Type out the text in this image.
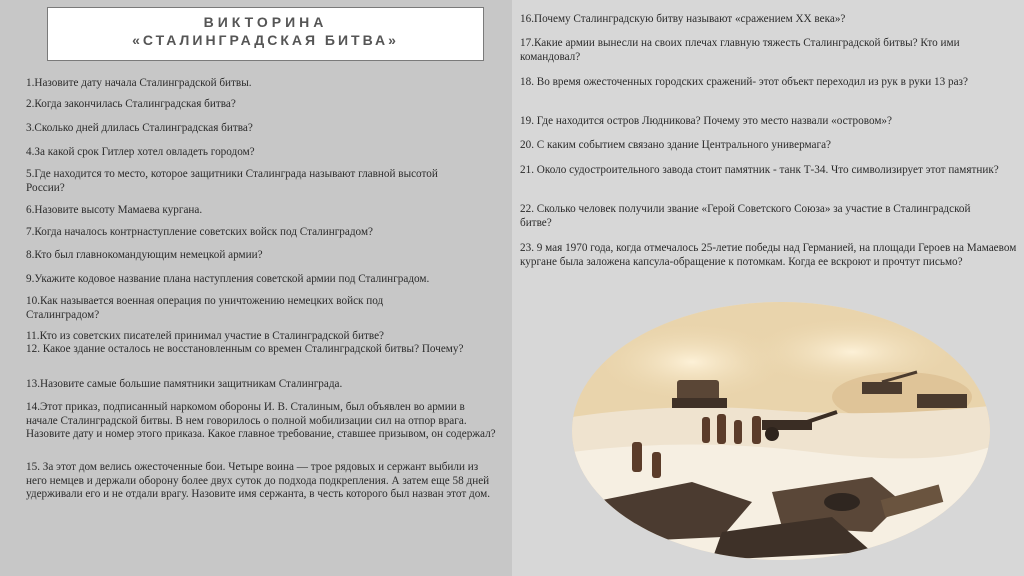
ВИКТОРИНА
«СТАЛИНГРАДСКАЯ БИТВА»

1.Назовите дату начала Сталинградской битвы.

2.Когда закончилась Сталинградская битва?

3.Сколько дней длилась Сталинградская битва?

4.За какой срок Гитлер хотел овладеть городом?

5.Где находится то место, которое защитники Сталинграда называют главной высотой России?

6.Назовите высоту Мамаева кургана.

7.Когда началось контрнаступление советских войск под Сталинградом?

8.Кто был главнокомандующим немецкой армии?

9.Укажите кодовое название плана наступления советской армии под Сталинградом.

10.Как называется военная операция по уничтожению немецких войск под Сталинградом?

11.Кто из советских писателей принимал участие в Сталинградской битве?

12. Какое здание осталось не восстановленным со времен Сталинградской битвы? Почему?

13.Назовите самые большие памятники защитникам Сталинграда.

14.Этот приказ, подписанный наркомом обороны И. В. Сталиным, был объявлен во армии в начале Сталинградской битвы. В нем говорилось о полной мобилизации сил на отпор врага. Назовите дату и номер этого приказа. Какое главное требование, ставшее призывом, он содержал?

15. За этот дом велись ожесточенные бои. Четыре воина — трое рядовых и сержант выбили из него немцев и держали оборону более двух суток до подхода подкрепления. А затем еще 58 дней удерживали его и не отдали врагу. Назовите имя сержанта, в честь которого был назван этот дом.

16.Почему Сталинградскую битву называют «сражением XX века»?

17.Какие армии вынесли на своих плечах главную тяжесть Сталинградской битвы? Кто ими командовал?

18. Во время ожесточенных городских сражений- этот объект переходил из рук в руки 13 раз?

19. Где находится остров Людникова? Почему это место назвали «островом»?

20. С каким событием связано здание Центрального универмага?

21. Около судостроительного завода стоит памятник - танк Т-34. Что символизирует этот памятник?

22. Сколько человек получили звание «Герой Советского Союза» за участие в Сталинградской битве?

23. 9 мая 1970 года, когда отмечалось 25-летие победы над Германией, на площади Героев на Мамаевом кургане была заложена капсула-обращение к потомкам. Когда ее вскроют и прочтут письмо?
